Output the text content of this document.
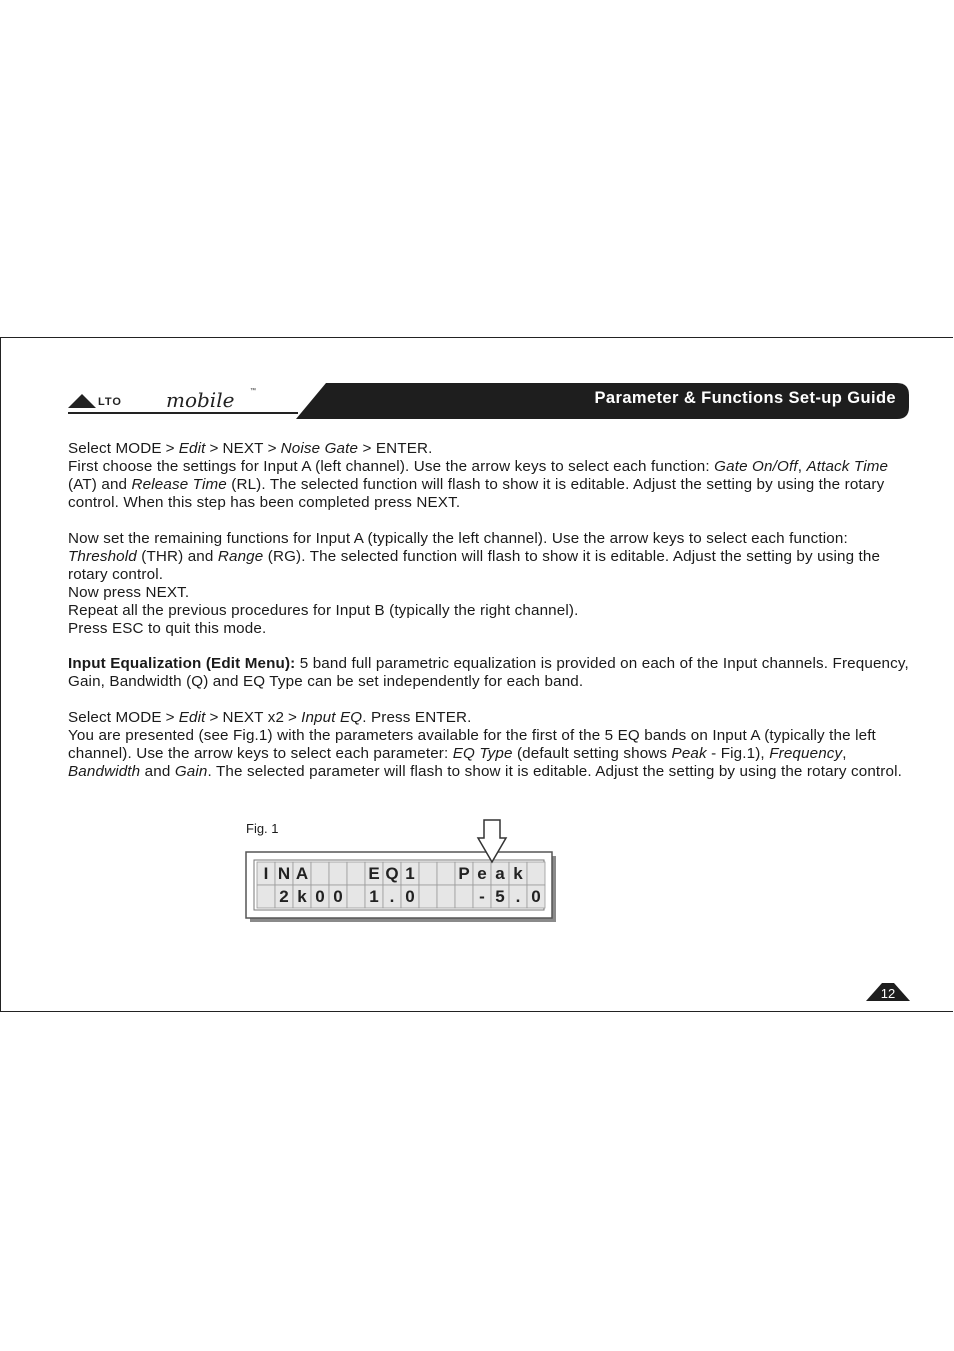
LTO mobile	™	Parameter & Functions Set-up Guide

Select MODE > Edit > NEXT > Noise Gate > ENTER.

First choose the settings for Input A (left channel). Use the arrow keys to select each function: Gate On/Off, Attack Time (AT) and Release Time (RL). The selected function will flash to show it is editable. Adjust the setting by using the rotary control. When this step has been completed press NEXT.

Now set the remaining functions for Input A (typically the left channel). Use the arrow keys to select each function: Threshold (THR) and Range (RG). The selected function will flash to show it is editable. Adjust the setting by using the rotary control.

Now press NEXT.

Repeat all the previous procedures for Input B (typically the right channel).

Press ESC to quit this mode.

Input Equalization (Edit Menu): 5 band full parametric equalization is provided on each of the Input channels. Frequency, Gain, Bandwidth (Q) and EQ Type can be set independently for each band.

Select MODE > Edit > NEXT x2 > Input EQ. Press ENTER.

You are presented (see Fig.1) with the parameters available for the first of the 5 EQ bands on Input A (typically the left channel). Use the arrow keys to select each parameter: EQ Type (default setting shows Peak - Fig.1), Frequency, Bandwidth and Gain. The selected parameter will flash to show it is editable. Adjust the setting by using the rotary control.

Fig. 1
I N A	E Q 1	P e a k
2 k 0 0 1 . 0	- 5 . 0
12
